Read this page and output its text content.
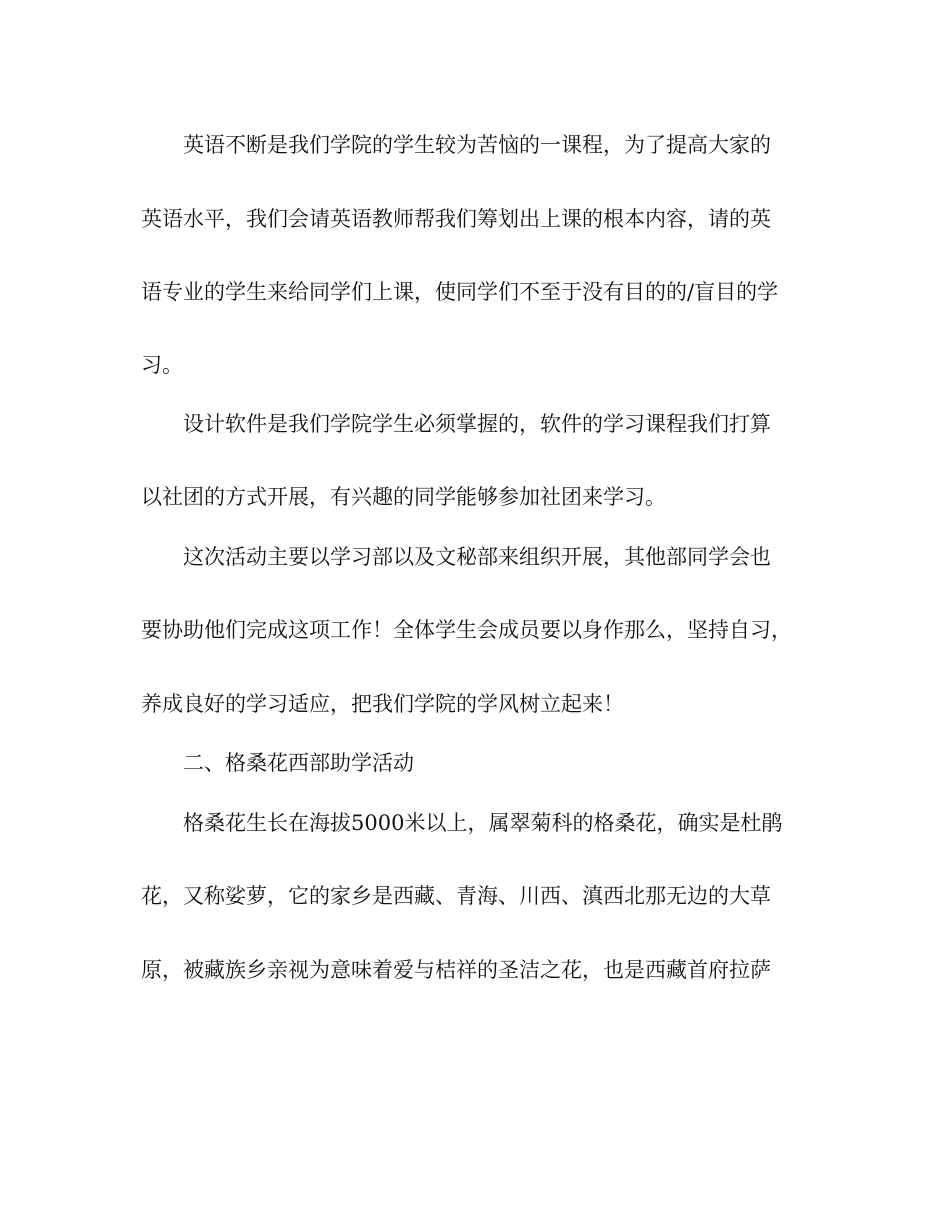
英语不断是我们学院的学生较为苦恼的一课程，为了提高大家的
英语水平，我们会请英语教师帮我们筹划出上课的根本内容，请的英
语专业的学生来给同学们上课，使同学们不至于没有目的的/盲目的学
习。
设计软件是我们学院学生必须掌握的，软件的学习课程我们打算
以社团的方式开展，有兴趣的同学能够参加社团来学习。
这次活动主要以学习部以及文秘部来组织开展，其他部同学会也
要协助他们完成这项工作！全体学生会成员要以身作那么，坚持自习，
养成良好的学习适应，把我们学院的学风树立起来！
二、格桑花西部助学活动
格桑花生长在海拔5000米以上，属翠菊科的格桑花，确实是杜鹃
花，又称娑萝，它的家乡是西藏、青海、川西、滇西北那无边的大草
原，被藏族乡亲视为意味着爱与桔祥的圣洁之花，也是西藏首府拉萨
